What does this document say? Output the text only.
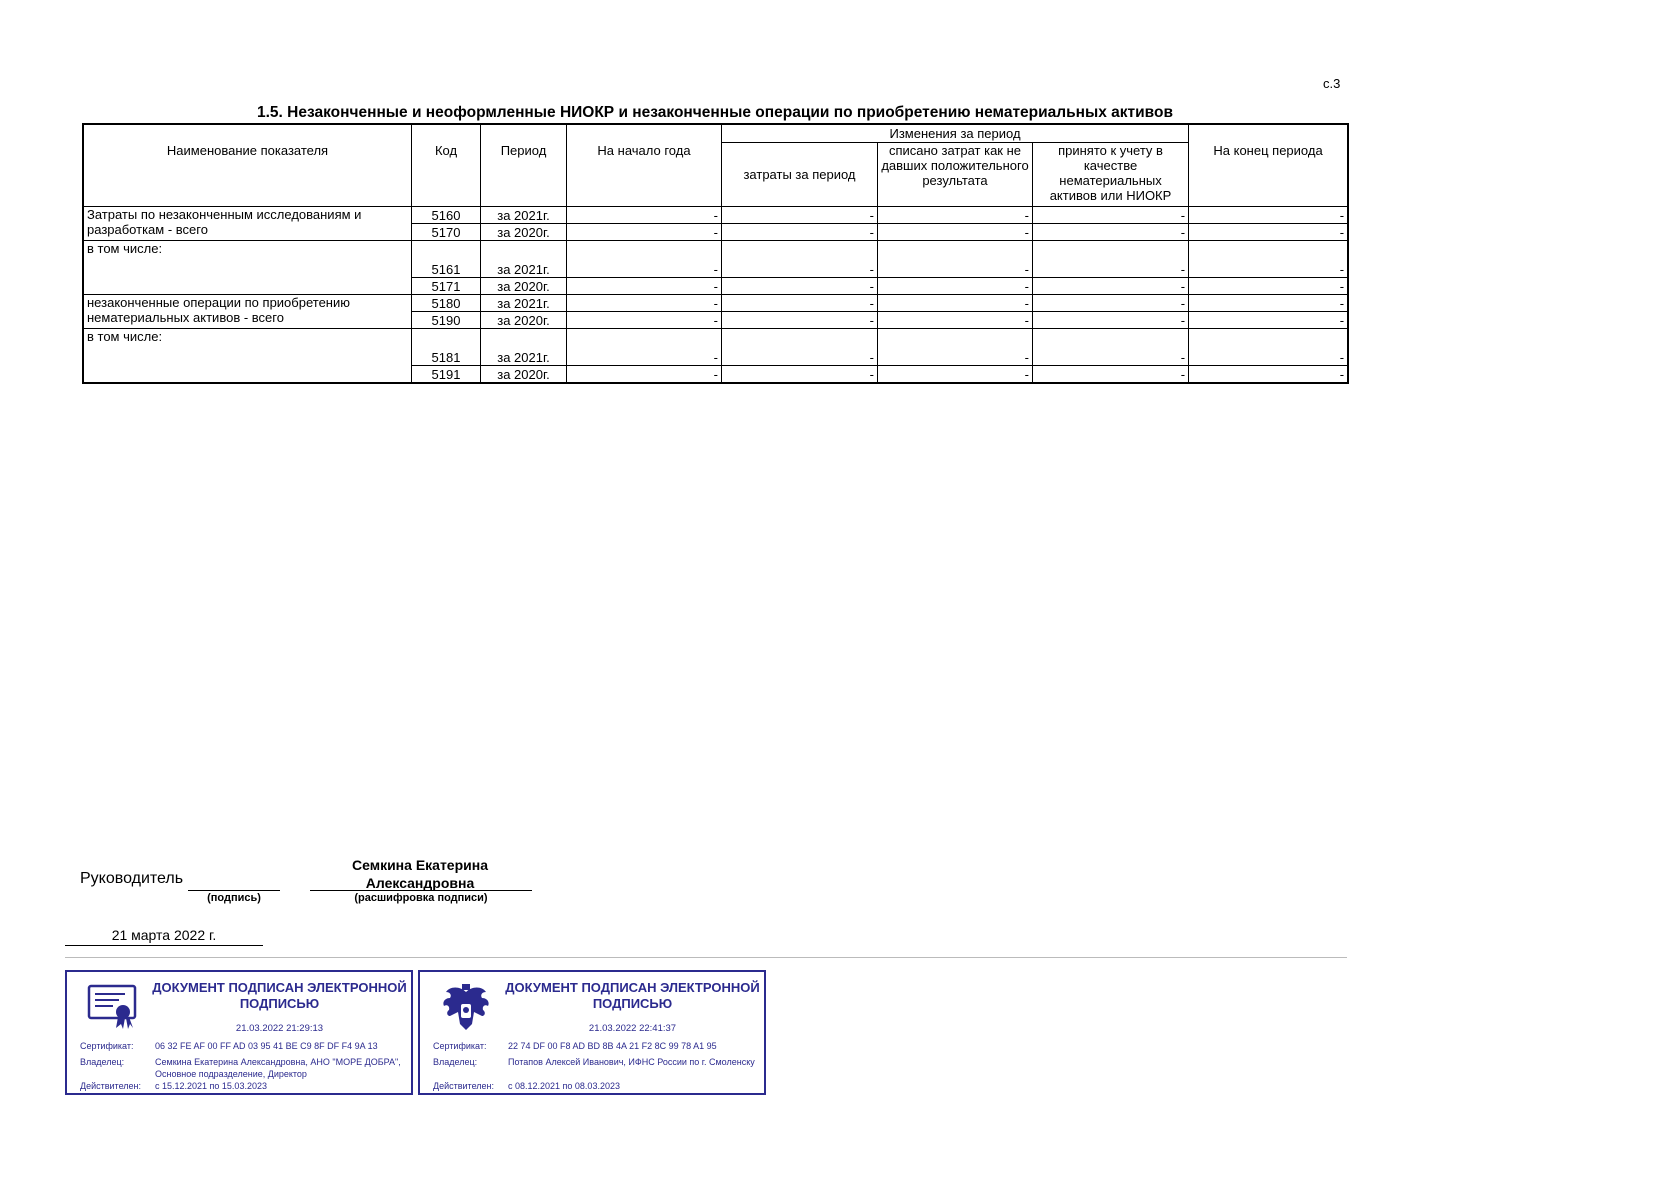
с.3
1.5. Незаконченные и неоформленные НИОКР и незаконченные операции по приобретению нематериальных активов
Наименование показателя	Код	Период	На начало года	Изменения за период			На конец периода
				затраты за период	списано затрат как не давших положительного результата	принято к учету в качестве нематериальных активов или НИОКР	
Затраты по незаконченным исследованиям и разработкам - всего	5160	за 2021г.	-	-	-	-	-
	5170	за 2020г.	-	-	-	-	-
в том числе:							
	5161	за 2021г.	-	-	-	-	-
	5171	за 2020г.	-	-	-	-	-
незаконченные операции по приобретению нематериальных активов - всего	5180	за 2021г.	-	-	-	-	-
	5190	за 2020г.	-	-	-	-	-
в том числе:							
	5181	за 2021г.	-	-	-	-	-
	5191	за 2020г.	-	-	-	-	-
Руководитель
(подпись)
Семкина Екатерина Александровна
(расшифровка подписи)
21 марта 2022 г.
ДОКУМЕНТ ПОДПИСАН ЭЛЕКТРОННОЙ ПОДПИСЬЮ
21.03.2022 21:29:13
Сертификат:	06 32 FE AF 00 FF AD 03 95 41 BE C9 8F DF F4 9A 13
Владелец:	Семкина Екатерина Александровна, АНО "МОРЕ ДОБРА", Основное подразделение, Директор
Действителен:	с 15.12.2021 по 15.03.2023
ДОКУМЕНТ ПОДПИСАН ЭЛЕКТРОННОЙ ПОДПИСЬЮ
21.03.2022 22:41:37
Сертификат:	22 74 DF 00 F8 AD BD 8B 4A 21 F2 8C 99 78 A1 95
Владелец:	Потапов Алексей Иванович, ИФНС России по г. Смоленску
Действителен:	с 08.12.2021 по 08.03.2023
